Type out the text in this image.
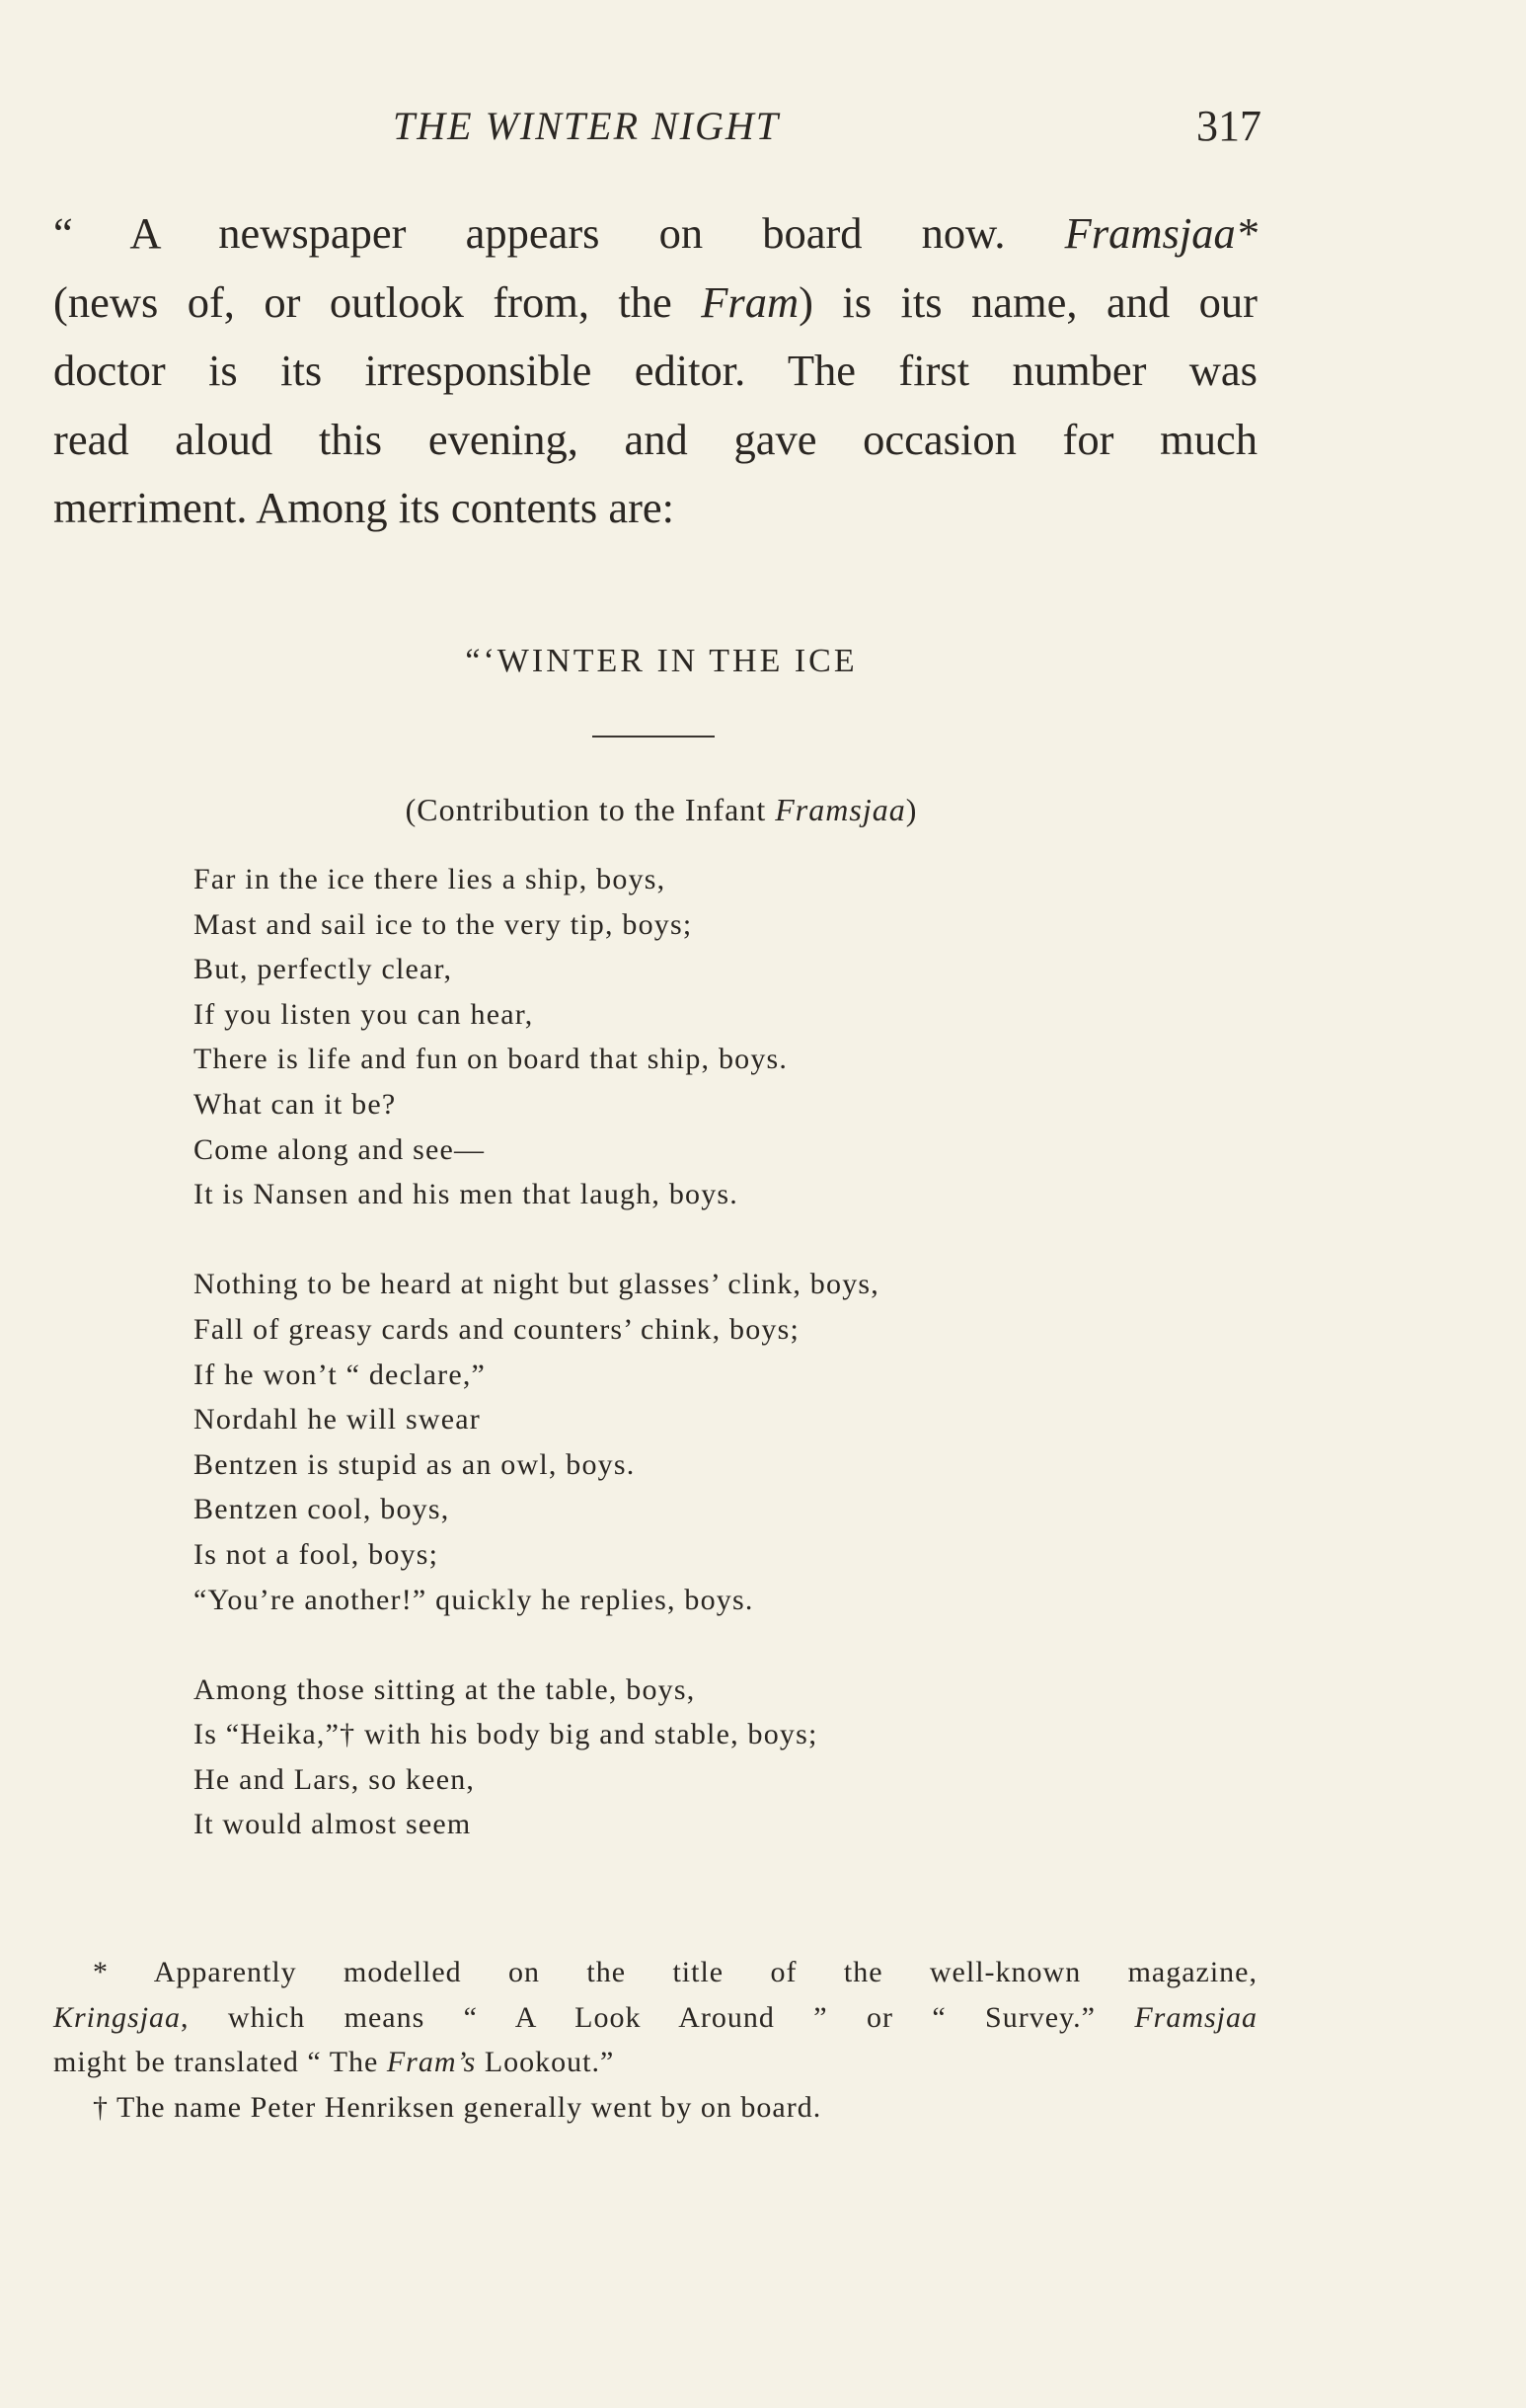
THE WINTER NIGHT	317
“ A newspaper appears on board now. Framsjaa*
(news of, or outlook from, the Fram) is its name, and our
doctor is its irresponsible editor. The first number was
read aloud this evening, and gave occasion for much
merriment. Among its contents are:
“‘WINTER IN THE ICE
(Contribution to the Infant Framsjaa)
Far in the ice there lies a ship, boys,
Mast and sail ice to the very tip, boys;
But, perfectly clear,
If you listen you can hear,
There is life and fun on board that ship, boys.
What can it be?
Come along and see—
It is Nansen and his men that laugh, boys.
Nothing to be heard at night but glasses’ clink, boys,
Fall of greasy cards and counters’ chink, boys;
If he won’t “ declare,”
Nordahl he will swear
Bentzen is stupid as an owl, boys.
Bentzen cool, boys,
Is not a fool, boys;
“You’re another!” quickly he replies, boys.
Among those sitting at the table, boys,
Is “Heika,”† with his body big and stable, boys;
He and Lars, so keen,
It would almost seem
* Apparently modelled on the title of the well-known magazine,
Kringsjaa, which means “ A Look Around ” or “ Survey.” Framsjaa
might be translated “ The Fram’s Lookout.”
† The name Peter Henriksen generally went by on board.
